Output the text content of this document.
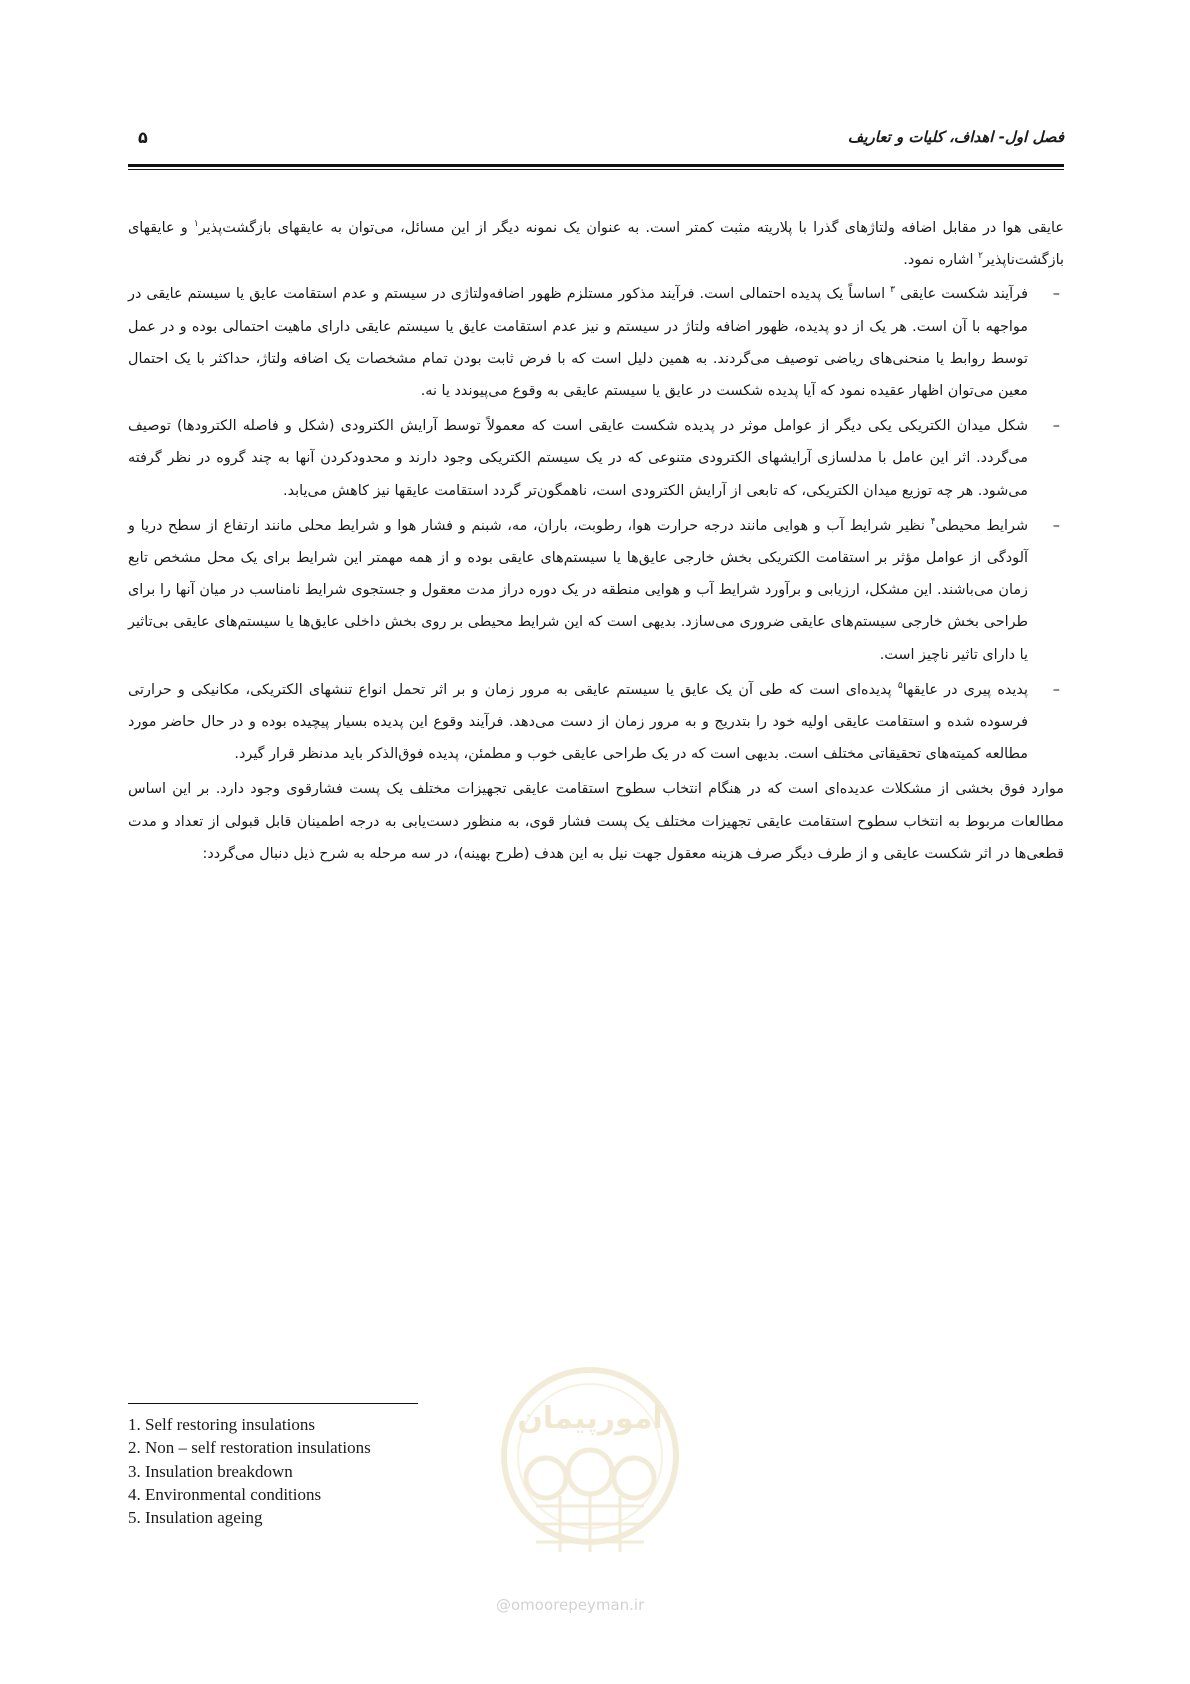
فصل اول- اهداف، کلیات و تعاریف
۵

عایقی هوا در مقابل اضافه ولتاژهای گذرا با پلاریته مثبت کمتر است. به عنوان یک نمونه دیگر از این مسائل، می‌توان به عایقهای بازگشت‌پذیر$^۱$ و عایقهای بازگشت‌ناپذیر$^۲$ اشاره نمود.

–
فرآیند شکست عایقی $^۳$ اساساً یک پدیده احتمالی است. فرآیند مذکور مستلزم ظهور اضافه‌ولتاژی در سیستم و عدم استقامت عایق یا سیستم عایقی در مواجهه با آن است. هر یک از دو پدیده، ظهور اضافه ولتاژ در سیستم و نیز عدم استقامت عایق یا سیستم عایقی دارای ماهیت احتمالی بوده و در عمل توسط روابط یا منحنی‌های ریاضی توصیف می‌گردند. به همین دلیل است که با فرض ثابت بودن تمام مشخصات یک اضافه ولتاژ، حداکثر با یک احتمال معین می‌توان اظهار عقیده نمود که آیا پدیده شکست در عایق یا سیستم عایقی به وقوع می‌پیوندد یا نه.
–
شکل میدان الکتریکی یکی دیگر از عوامل موثر در پدیده شکست عایقی است که معمولاً توسط آرایش الکترودی (شکل و فاصله الکترودها) توصیف می‌گردد. اثر این عامل با مدلسازی آرایشهای الکترودی متنوعی که در یک سیستم الکتریکی وجود دارند و محدودکردن آنها به چند گروه در نظر گرفته می‌شود. هر چه توزیع میدان الکتریکی، که تابعی از آرایش الکترودی است، ناهمگون‌تر گردد استقامت عایقها نیز کاهش می‌یابد.
–
شرایط محیطی$^۴$ نظیر شرایط آب و هوایی مانند درجه حرارت هوا، رطوبت، باران، مه، شبنم و فشار هوا و شرایط محلی مانند ارتفاع از سطح دریا و آلودگی از عوامل مؤثر بر استقامت الکتریکی بخش خارجی عایق‌ها یا سیستم‌های عایقی بوده و از همه مهمتر این شرایط برای یک محل مشخص تابع زمان می‌باشند. این مشکل، ارزیابی و برآورد شرایط آب و هوایی منطقه در یک دوره دراز مدت معقول و جستجوی شرایط نامناسب در میان آنها را برای طراحی بخش خارجی سیستم‌های عایقی ضروری می‌سازد. بدیهی است که این شرایط محیطی بر روی بخش داخلی عایق‌ها یا سیستم‌های عایقی بی‌تاثیر یا دارای تاثیر ناچیز است.
–
پدیده پیری در عایقها$^۵$ پدیده‌ای است که طی آن یک عایق یا سیستم عایقی به مرور زمان و بر اثر تحمل انواع تنشهای الکتریکی، مکانیکی و حرارتی فرسوده شده و استقامت عایقی اولیه خود را بتدریج و به مرور زمان از دست می‌دهد. فرآیند وقوع این پدیده بسیار پیچیده بوده و در حال حاضر مورد مطالعه کمیته‌های تحقیقاتی مختلف است. بدیهی است که در یک طراحی عایقی خوب و مطمئن، پدیده فوق‌الذکر باید مدنظر قرار گیرد.

موارد فوق بخشی از مشکلات عدیده‌ای است که در هنگام انتخاب سطوح استقامت عایقی تجهیزات مختلف یک پست فشارقوی وجود دارد. بر این اساس مطالعات مربوط به انتخاب سطوح استقامت عایقی تجهیزات مختلف یک پست فشار قوی، به منظور دست‌یابی به درجه اطمینان قابل قبولی از تعداد و مدت قطعی‌ها در اثر شکست عایقی و از طرف دیگر صرف هزینه معقول جهت نیل به این هدف (طرح بهینه)، در سه مرحله به شرح ذیل دنبال می‌گردد:

امورپیمان
@omoorepeyman.ir
1. Self restoring insulations
2. Non – self restoration insulations
3. Insulation breakdown
4. Environmental conditions
5. Insulation ageing
